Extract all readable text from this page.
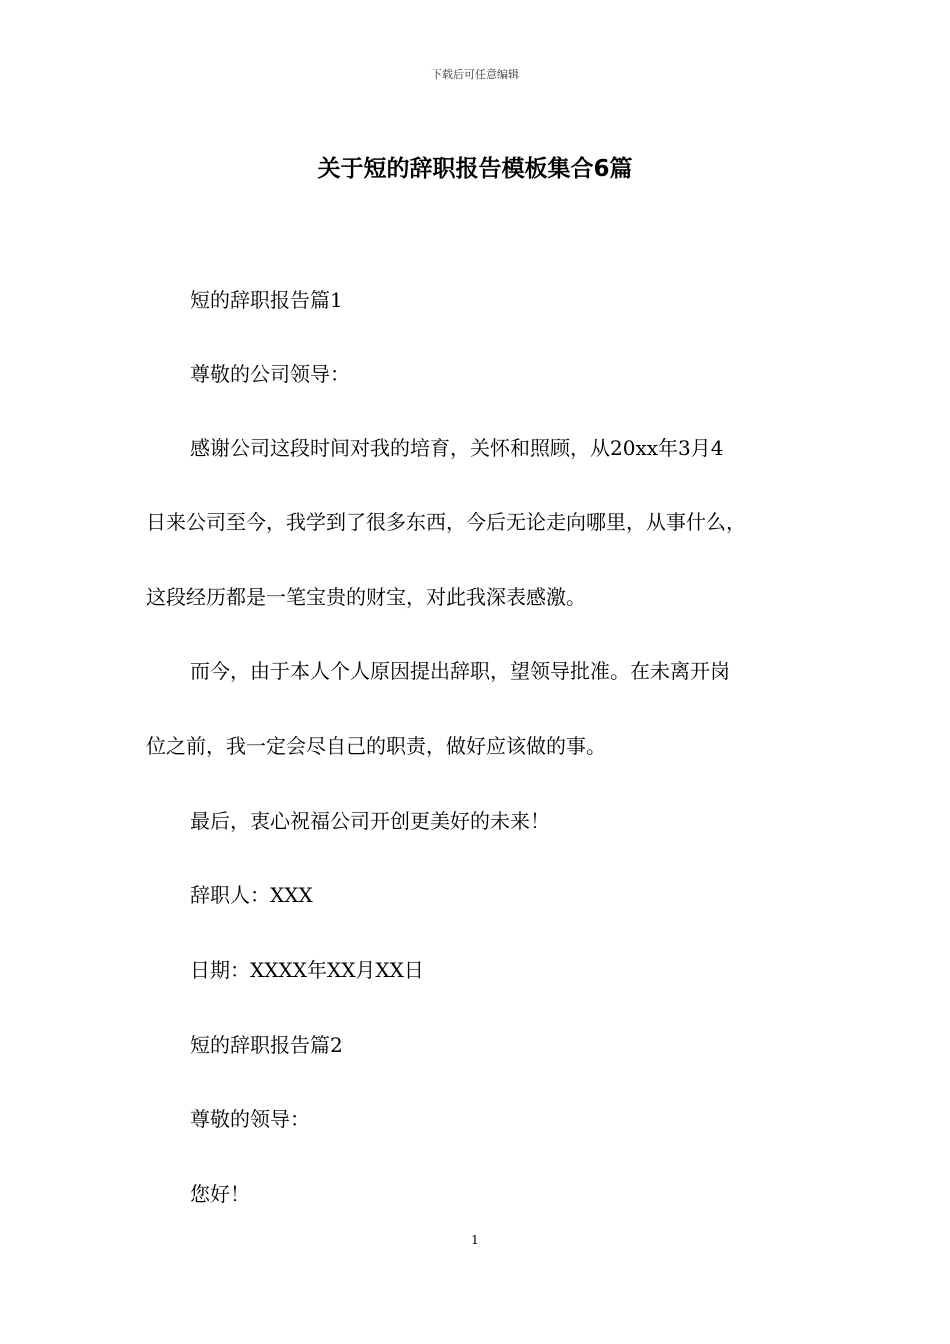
下载后可任意编辑
关于短的辞职报告模板集合6篇
短的辞职报告篇1
尊敬的公司领导：
感谢公司这段时间对我的培育，关怀和照顾，从20xx年3月4
日来公司至今，我学到了很多东西，今后无论走向哪里，从事什么，
这段经历都是一笔宝贵的财宝，对此我深表感激。
而今，由于本人个人原因提出辞职，望领导批准。在未离开岗
位之前，我一定会尽自己的职责，做好应该做的事。
最后，衷心祝福公司开创更美好的未来！
辞职人：XXX
日期：XXXX年XX月XX日
短的辞职报告篇2
尊敬的领导：
您好！
1
